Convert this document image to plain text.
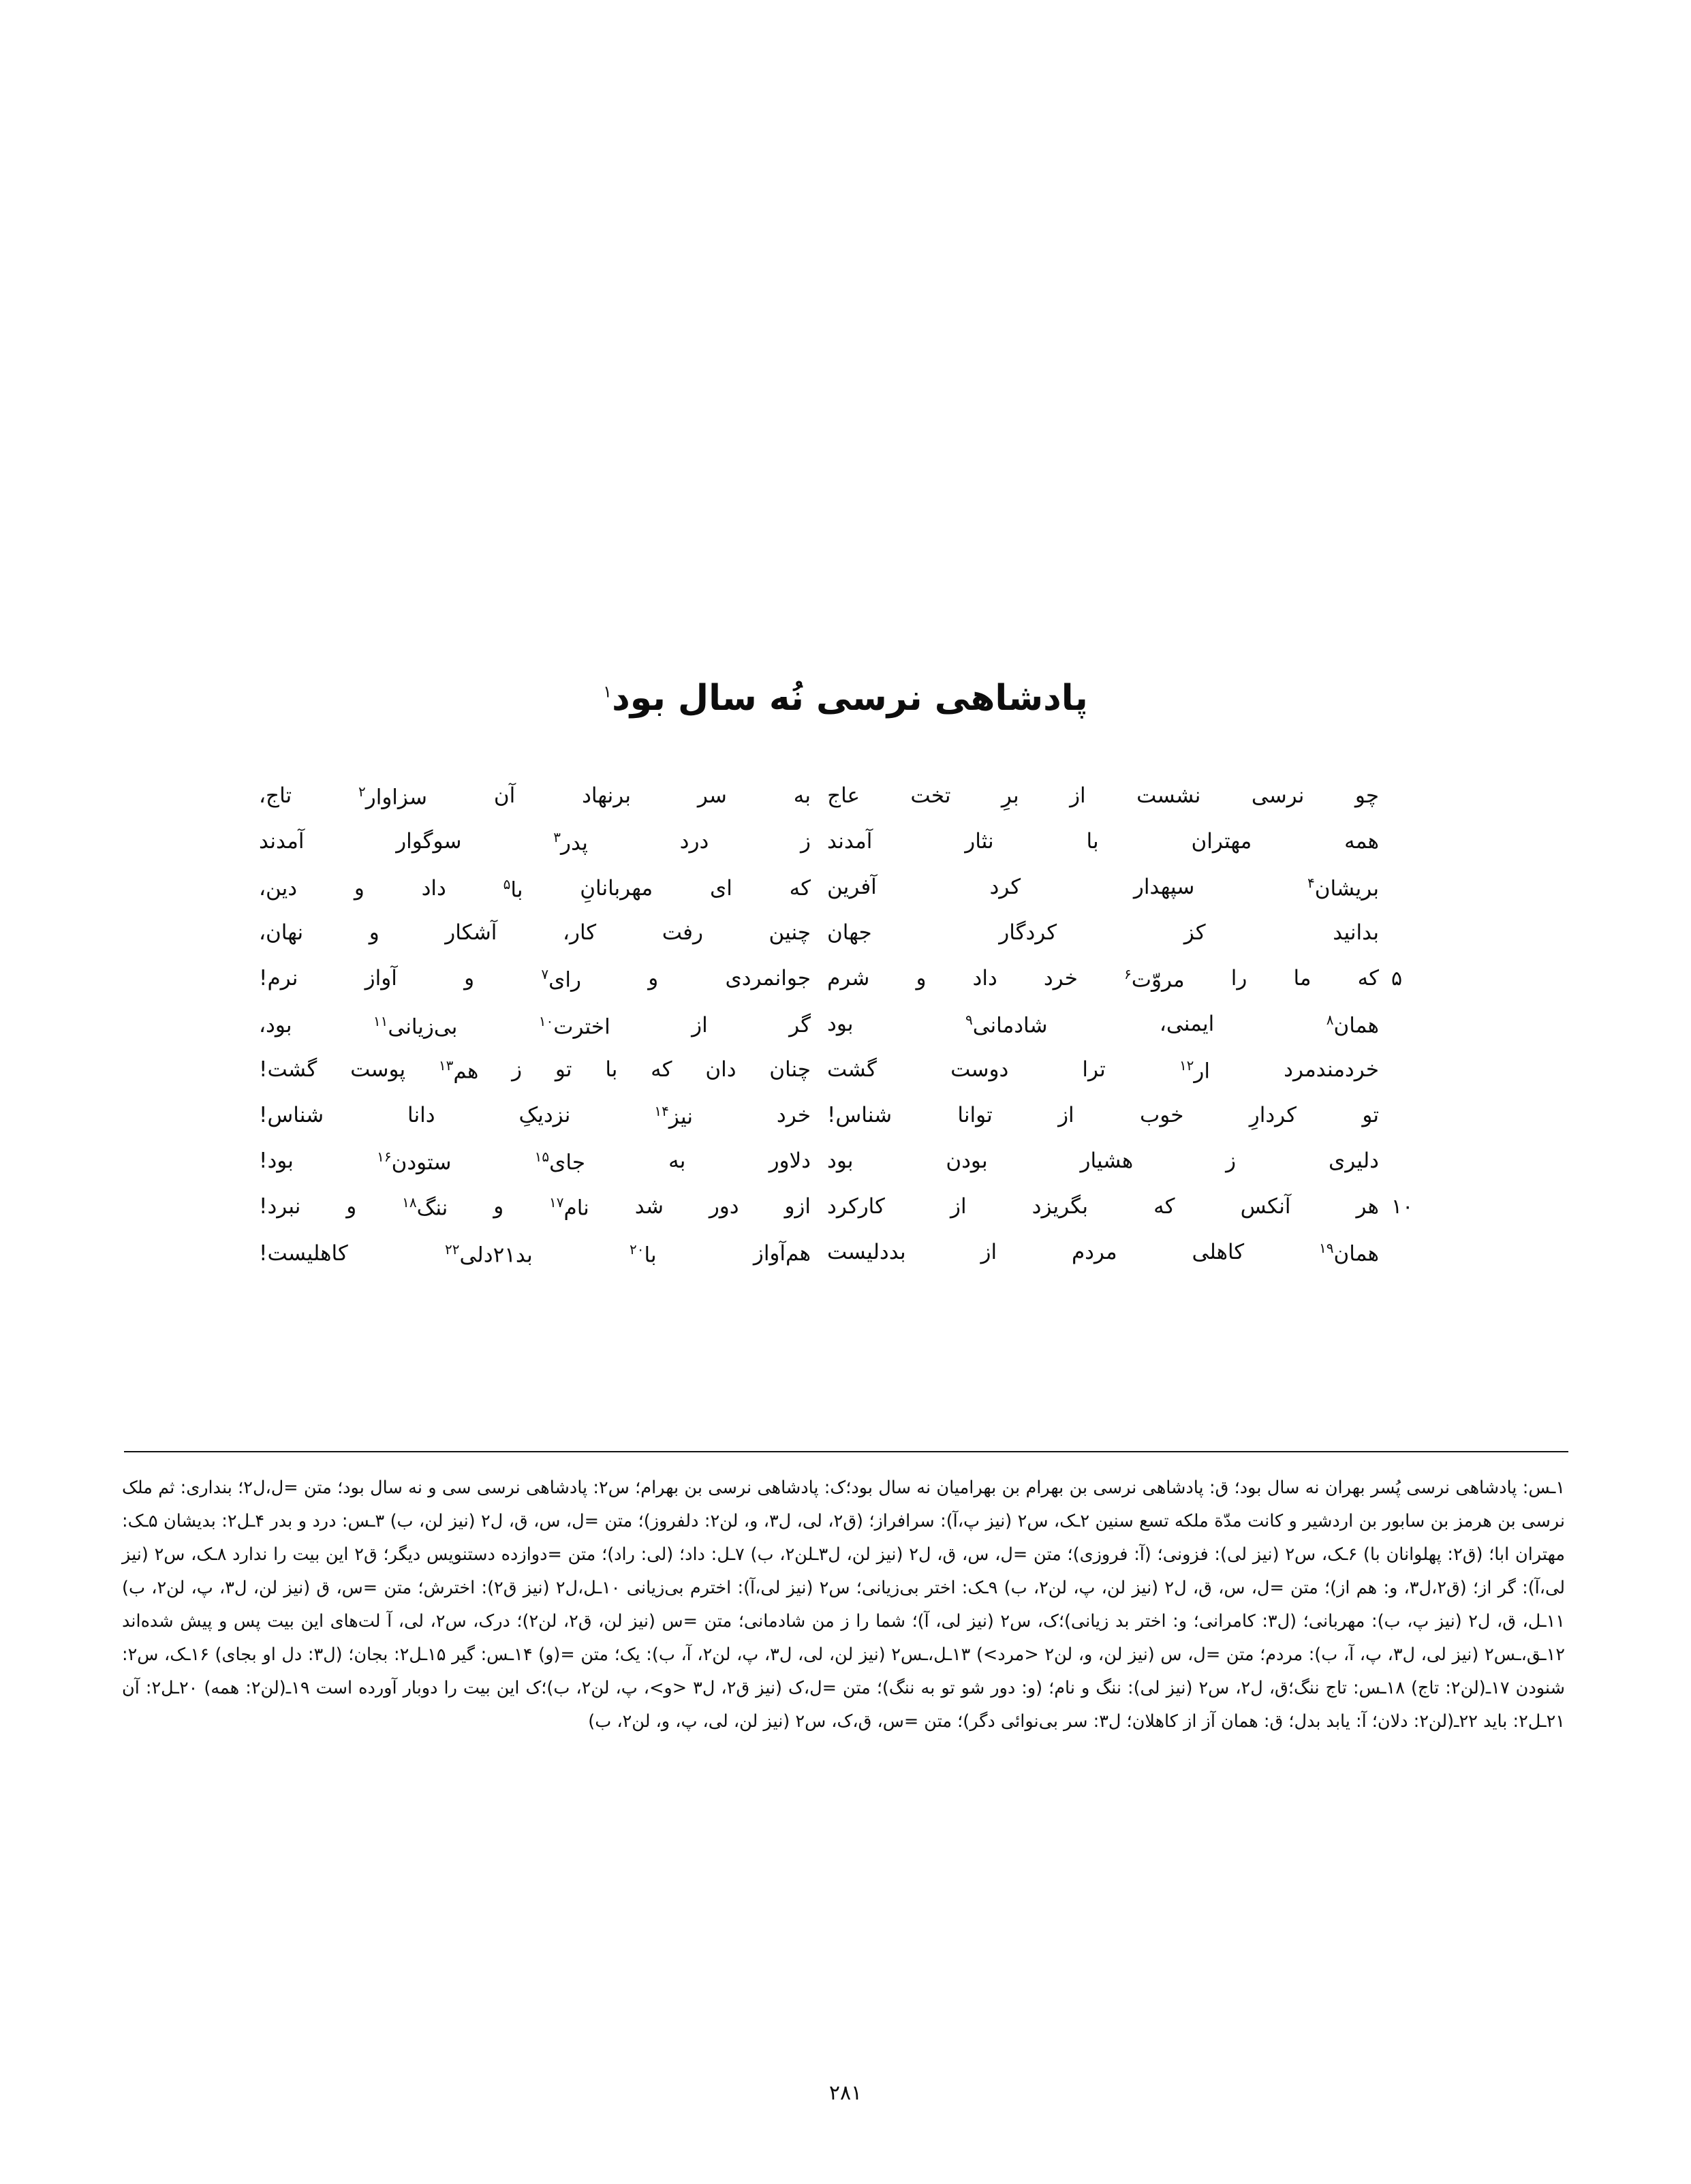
پادشاهی نرسی نُه سال بود$^۱$
چو
نرسی
نشست
از
برِ
تخت
عاج
به
سر
برنهاد
آن
سزاوار$^۲$
تاج،
همه
مهتران
با
نثار
آمدند
ز
درد
پدر$^۳$
سوگوار
آمدند
بریشان$^۴$
سپهدار
کرد
آفرین
که
ای
مهربانانِ
با$^۵$
داد
و
دین،
بدانید
کز
کردگار
جهان
چنین
رفت
کار،
آشکار
و
نهان،
۵
که
ما
را
مروّت$^۶$
خرد
داد
و
شرم
جوانمردی
و
رای$^۷$
و
آواز
نرم!
همان$^۸$
ایمنی،
شادمانی$^۹$
بود
گر
از
اخترت$^{۱۰}$
بی‌زیانی$^{۱۱}$
بود،
خردمندمرد
ار$^{۱۲}$
ترا
دوست
گشت
چنان
دان
که
با
تو
ز
هم$^{۱۳}$
پوست
گشت!
تو
کردارِ
خوب
از
توانا
شناس!
خرد
نیز$^{۱۴}$
نزدیکِ
دانا
شناس!
دلیری
ز
هشیار
بودن
بود
دلاور
به
جای$^{۱۵}$
ستودن$^{۱۶}$
بود!
۱۰
هر
آنکس
که
بگریزد
از
کارکرد
ازو
دور
شد
نام$^{۱۷}$
و
ننگ$^{۱۸}$
و
نبرد!
همان$^{۱۹}$
کاهلی
مردم
از
بددلیست
هم‌آواز
با$^{۲۰}$
بد۲۱دلی$^{۲۲}$
کاهلیست!
۱ـس: پادشاهی نرسی پُسر بهران نه سال بود؛ ق: پادشاهی نرسی بن بهرام بن بهرامیان نه سال بود؛ک: پادشاهی نرسی بن بهرام؛ س۲: پادشاهی نرسی سی و نه سال بود؛ متن =ل،ل۲؛ بنداری: ثم ملک نرسی بن هرمز بن سابور بن اردشیر و کانت مدّة ملکه تسع سنین ۲ـک، س۲ (نیز پ،آ): سرافراز؛ (ق۲، لی، ل۳، و، لن۲: دلفروز)؛ متن =ل، س، ق، ل۲ (نیز لن، ب) ۳ـس: درد و بدر ۴ـل۲: بدیشان ۵ـک: مهتران ابا؛ (ق۲: پهلوانان با) ۶ـک، س۲ (نیز لی): فزونی؛ (آ: فروزی)؛ متن =ل، س، ق، ل۲ (نیز لن، ل۳ـلن۲، ب) ۷ـل: داد؛ (لی: راد)؛ متن =دوازده دستنویس دیگر؛ ق۲ این بیت را ندارد ۸ـک، س۲ (نیز لی،آ): گر از؛ (ق۲،ل۳، و: هم از)؛ متن =ل، س، ق، ل۲ (نیز لن، پ، لن۲، ب) ۹ـک: اختر بی‌زیانی؛ س۲ (نیز لی،آ): اخترم بی‌زیانی ۱۰ـل،ل۲ (نیز ق۲): اخترش؛ متن =س، ق (نیز لن، ل۳، پ، لن۲، ب) ۱۱ـل، ق، ل۲ (نیز پ، ب): مهربانی؛ (ل۳: کامرانی؛ و: اختر بد زیانی)؛ک، س۲ (نیز لی، آ)؛ شما را ز من شادمانی؛ متن =س (نیز لن، ق۲، لن۲)؛ درک، س۲، لی، آ لت‌های این بیت پس و پیش شده‌اند ۱۲ـق،ـس۲ (نیز لی، ل۳، پ، آ، ب): مردم؛ متن =ل، س (نیز لن، و، لن۲ <مرد>) ۱۳ـل،ـس۲ (نیز لن، لی، ل۳، پ، لن۲، آ، ب): یک؛ متن =(و) ۱۴ـس: گیر ۱۵ـل۲: بجان؛ (ل۳: دل او بجای) ۱۶ـک، س۲: شنودن ۱۷ـ(لن۲: تاج) ۱۸ـس: تاج ننگ؛ق، ل۲، س۲ (نیز لی): ننگ و نام؛ (و: دور شو تو به ننگ)؛ متن =ل،ک (نیز ق۲، ل۳ <و>، پ، لن۲، ب)؛ک این بیت را دوبار آورده است ۱۹ـ(لن۲: همه) ۲۰ـل۲: آن ۲۱ـل۲: باید ۲۲ـ(لن۲: دلان؛ آ: یابد بدل؛ ق: همان آز از کاهلان؛ ل۳: سر بی‌نوائی دگر)؛ متن =س، ق،ک، س۲ (نیز لن، لی، پ، و، لن۲، ب)
۲۸۱
